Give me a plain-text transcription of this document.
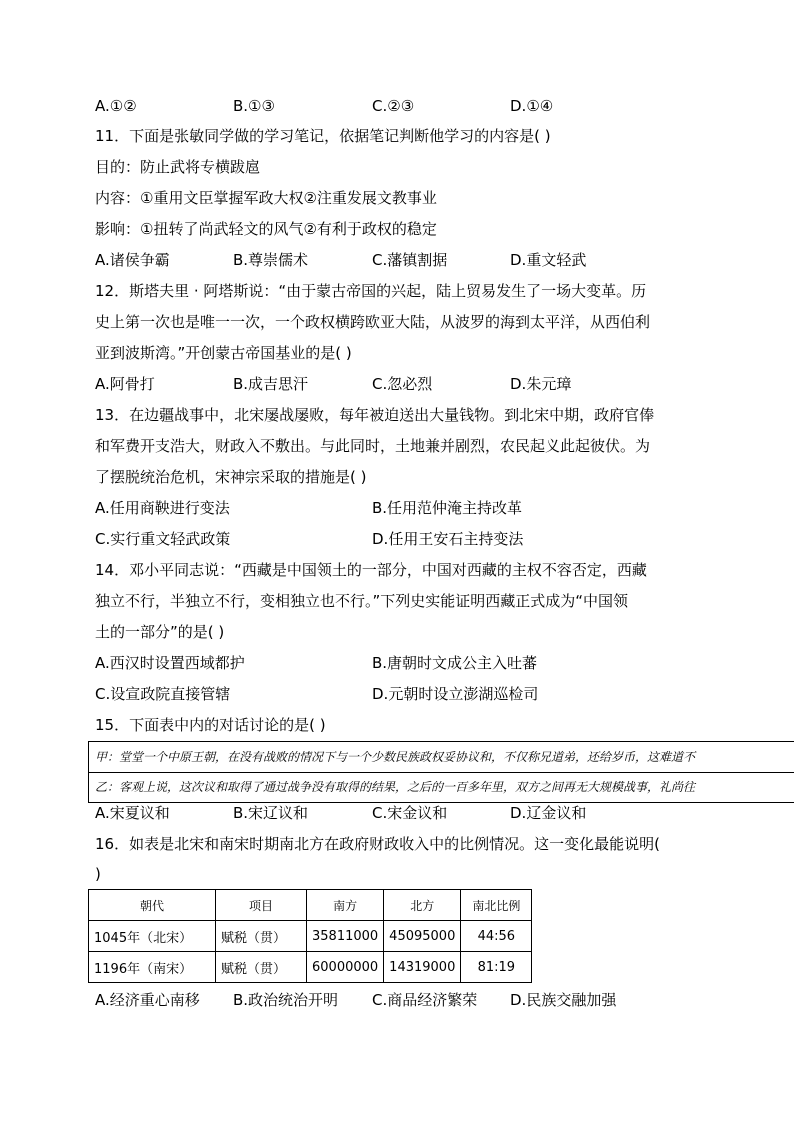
A.①②	B.①③	C.②③	D.①④
11．下面是张敏同学做的学习笔记，依据笔记判断他学习的内容是( )
目的：防止武将专横跋扈
内容：①重用文臣掌握军政大权②注重发展文教事业
影响：①扭转了尚武轻文的风气②有利于政权的稳定
A.诸侯争霸	B.尊崇儒术	C.藩镇割据	D.重文轻武
12．斯塔夫里 · 阿塔斯说：“由于蒙古帝国的兴起，陆上贸易发生了一场大变革。历
史上第一次也是唯一一次，一个政权横跨欧亚大陆，从波罗的海到太平洋，从西伯利
亚到波斯湾。”开创蒙古帝国基业的是( )
A.阿骨打	B.成吉思汗	C.忽必烈	D.朱元璋
13．在边疆战事中，北宋屡战屡败，每年被迫送出大量钱物。到北宋中期，政府官俸
和军费开支浩大，财政入不敷出。与此同时，土地兼并剧烈，农民起义此起彼伏。为
了摆脱统治危机，宋神宗采取的措施是( )
A.任用商鞅进行变法	B.任用范仲淹主持改革
C.实行重文轻武政策	D.任用王安石主持变法
14．邓小平同志说：“西藏是中国领土的一部分，中国对西藏的主权不容否定，西藏
独立不行，半独立不行，变相独立也不行。”下列史实能证明西藏正式成为“中国领
土的一部分”的是( )
A.西汉时设置西域都护	B.唐朝时文成公主入吐蕃
C.设宣政院直接管辖	D.元朝时设立澎湖巡检司
15．下面表中内的对话讨论的是( )
甲：堂堂一个中原王朝，在没有战败的情况下与一个少数民族政权妥协议和，不仅称兄道弟，还给岁币，这难道不
乙：客观上说，这次议和取得了通过战争没有取得的结果，之后的一百多年里，双方之间再无大规模战事，礼尚往
A.宋夏议和	B.宋辽议和	C.宋金议和	D.辽金议和
16．如表是北宋和南宋时期南北方在政府财政收入中的比例情况。这一变化最能说明(
)
朝代	项目	南方	北方	南北比例
1045年（北宋）	赋税（贯）	35811000	45095000	44:56
1196年（南宋）	赋税（贯）	60000000	14319000	81:19
A.经济重心南移 B.政治统治开明 C.商品经济繁荣 D.民族交融加强
